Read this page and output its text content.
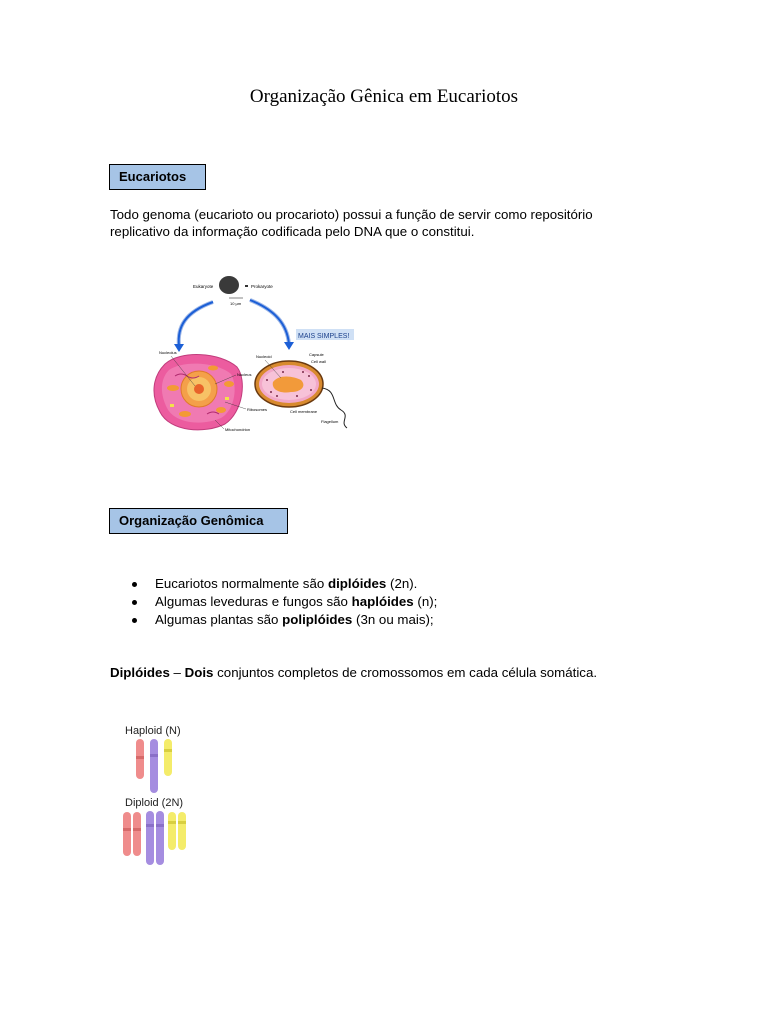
Organização Gênica em Eucariotos
Eucariotos
Todo genoma (eucarioto ou procarioto) possui a função de servir como repositório
replicativo da informação codificada pelo DNA que o constitui.
Eukaryote	Prokaryote
10 µm
MAIS SIMPLES!
Nucleolus
Nucleus
Ribosomes
Mitochondrion
Nucleoid	Capsule
Cell wall
Cell membrane
Flagellum
Organização Genômica
Eucariotos normalmente são diplóides (2n).
Algumas leveduras e fungos são haplóides (n);
Algumas plantas são poliplóides (3n ou mais);
Diplóides – Dois conjuntos completos de cromossomos em cada célula somática.
Haploid (N)
Diploid (2N)
